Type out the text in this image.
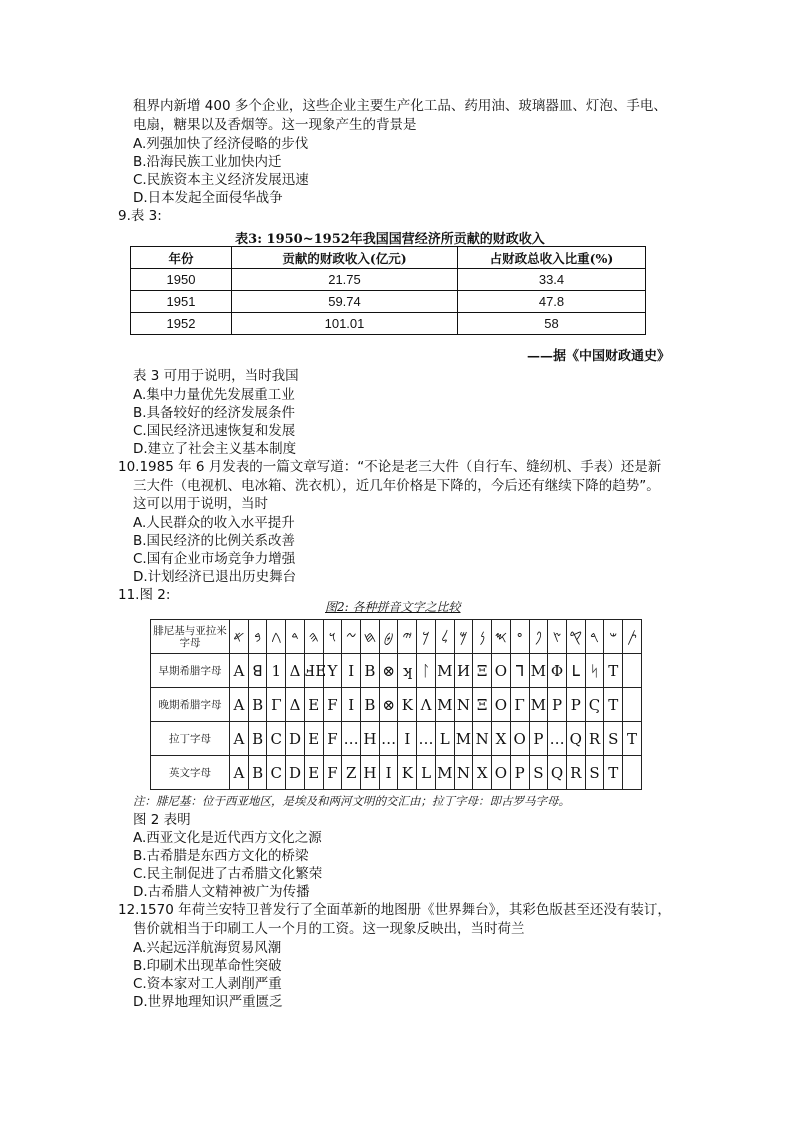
租界内新增 400 多个企业，这些企业主要生产化工品、药用油、玻璃器皿、灯泡、手电、
电扇，糖果以及香烟等。这一现象产生的背景是
A.列强加快了经济侵略的步伐
B.沿海民族工业加快内迁
C.民族资本主义经济发展迅速
D.日本发起全面侵华战争
9.表 3:
表3: 1950~1952年我国国营经济所贡献的财政收入
年份	贡献的财政收入(亿元)	占财政总收入比重(%)
1950	21.75	33.4
1951	59.74	47.8
1952	101.01	58
——据《中国财政通史》
表 3 可用于说明，当时我国
A.集中力量优先发展重工业
B.具备较好的经济发展条件
C.国民经济迅速恢复和发展
D.建立了社会主义基本制度
10.1985 年 6 月发表的一篇文章写道：“不论是老三大件（自行车、缝纫机、手表）还是新
三大件（电视机、电冰箱、洗衣机），近几年价格是下降的，今后还有继续下降的趋势”。
这可以用于说明，当时
A.人民群众的收入水平提升
B.国民经济的比例关系改善
C.国有企业市场竞争力增强
D.计划经济已退出历史舞台
11.图 2:
图2: 各种拼音文字之比较
腓尼基与亚拉米字母	𐤀	𐤁	𐤂	𐤃	𐤄	𐤅	𐤆	𐤇	𐤈	𐤉	𐤊	𐤋	𐤌	𐤍	𐤎	𐤏	𐤐	𐤑	𐤒	𐤓	𐤔	𐤕
早期希腊字母	A	ꓭ	1	Δ	ℲE	Y	I	B	⊗	ʞ	ᛚ	M	И	Ξ	O	ᒣ	M	Φ	ᒪ	ᛋ	T	
晚期希腊字母	A	B	Γ	Δ	E	F	I	B	⊗	K	Λ	M	N	Ξ	O	Γ	M	P	P	Ϛ	T	
拉丁字母	A	B	C	D	E	F	…	H	…	I	…	L	M	N	X	O	P	…	Q	R	S	T
英文字母	A	B	C	D	E	F	Z	H	Ⅰ	K	L	M	N	X	O	P	S	Q	R	S	T	
注：腓尼基：位于西亚地区，是埃及和两河文明的交汇由；拉丁字母：即古罗马字母。
图 2 表明
A.西亚文化是近代西方文化之源
B.古希腊是东西方文化的桥梁
C.民主制促进了古希腊文化繁荣
D.古希腊人文精神被广为传播
12.1570 年荷兰安特卫普发行了全面革新的地图册《世界舞台》，其彩色版甚至还没有装订，
售价就相当于印刷工人一个月的工资。这一现象反映出，当时荷兰
A.兴起远洋航海贸易风潮
B.印刷术出现革命性突破
C.资本家对工人剥削严重
D.世界地理知识严重匮乏
